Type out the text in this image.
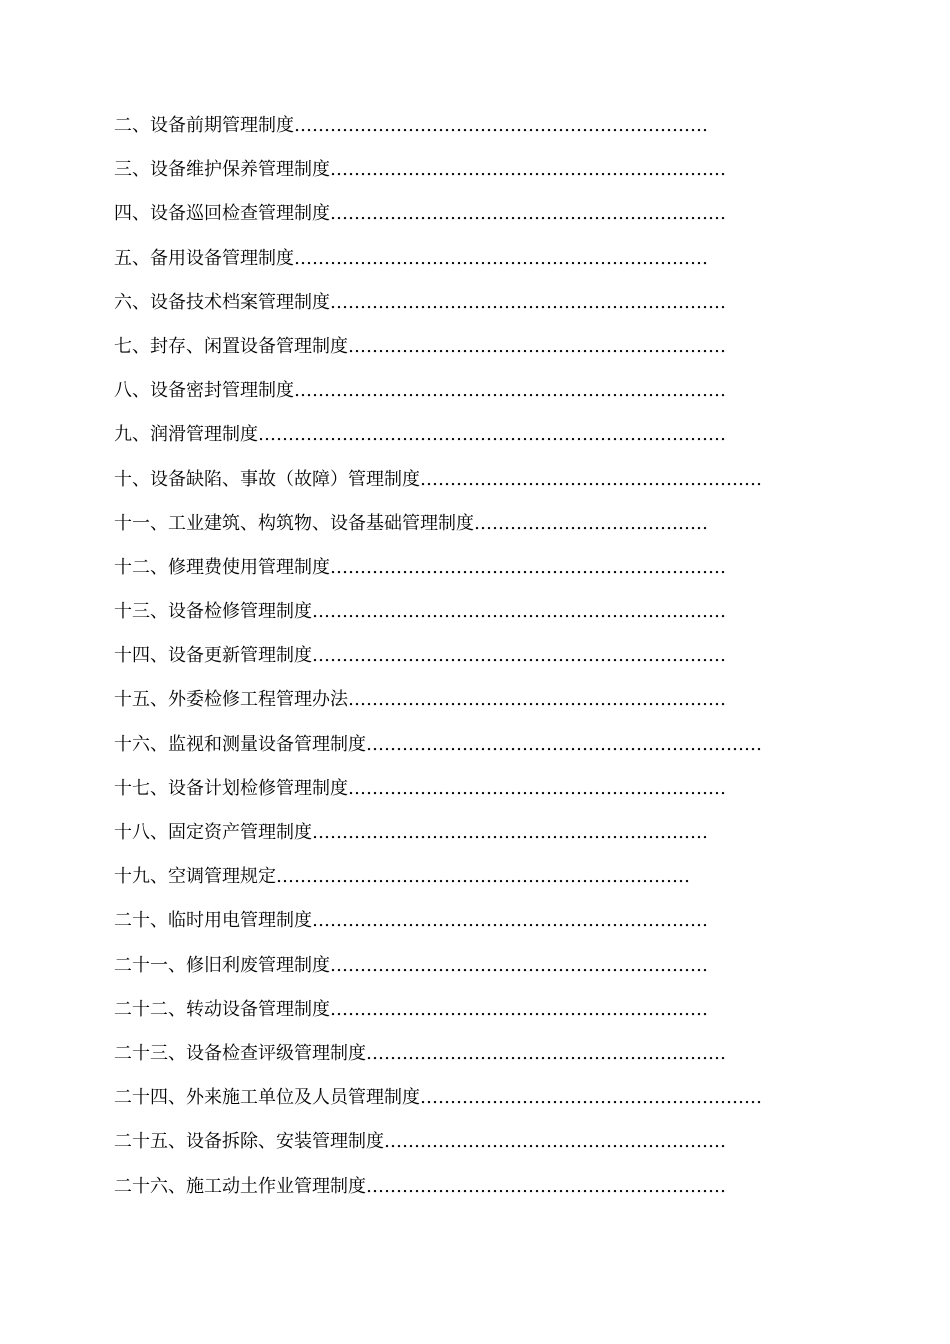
二、设备前期管理制度……………………………………………………………
三、设备维护保养管理制度…………………………………………………………
四、设备巡回检查管理制度…………………………………………………………
五、备用设备管理制度……………………………………………………………
六、设备技术档案管理制度…………………………………………………………
七、封存、闲置设备管理制度………………………………………………………
八、设备密封管理制度………………………………………………………………
九、润滑管理制度……………………………………………………………………
十、设备缺陷、事故（故障）管理制度…………………………………………………
十一、工业建筑、构筑物、设备基础管理制度…………………………………
十二、修理费使用管理制度…………………………………………………………
十三、设备检修管理制度……………………………………………………………
十四、设备更新管理制度……………………………………………………………
十五、外委检修工程管理办法………………………………………………………
十六、监视和测量设备管理制度…………………………………………………………
十七、设备计划检修管理制度………………………………………………………
十八、固定资产管理制度…………………………………………………………
十九、空调管理规定……………………………………………………………
二十、临时用电管理制度…………………………………………………………
二十一、修旧利废管理制度………………………………………………………
二十二、转动设备管理制度………………………………………………………
二十三、设备检查评级管理制度……………………………………………………
二十四、外来施工单位及人员管理制度…………………………………………………
二十五、设备拆除、安装管理制度…………………………………………………
二十六、施工动土作业管理制度……………………………………………………
